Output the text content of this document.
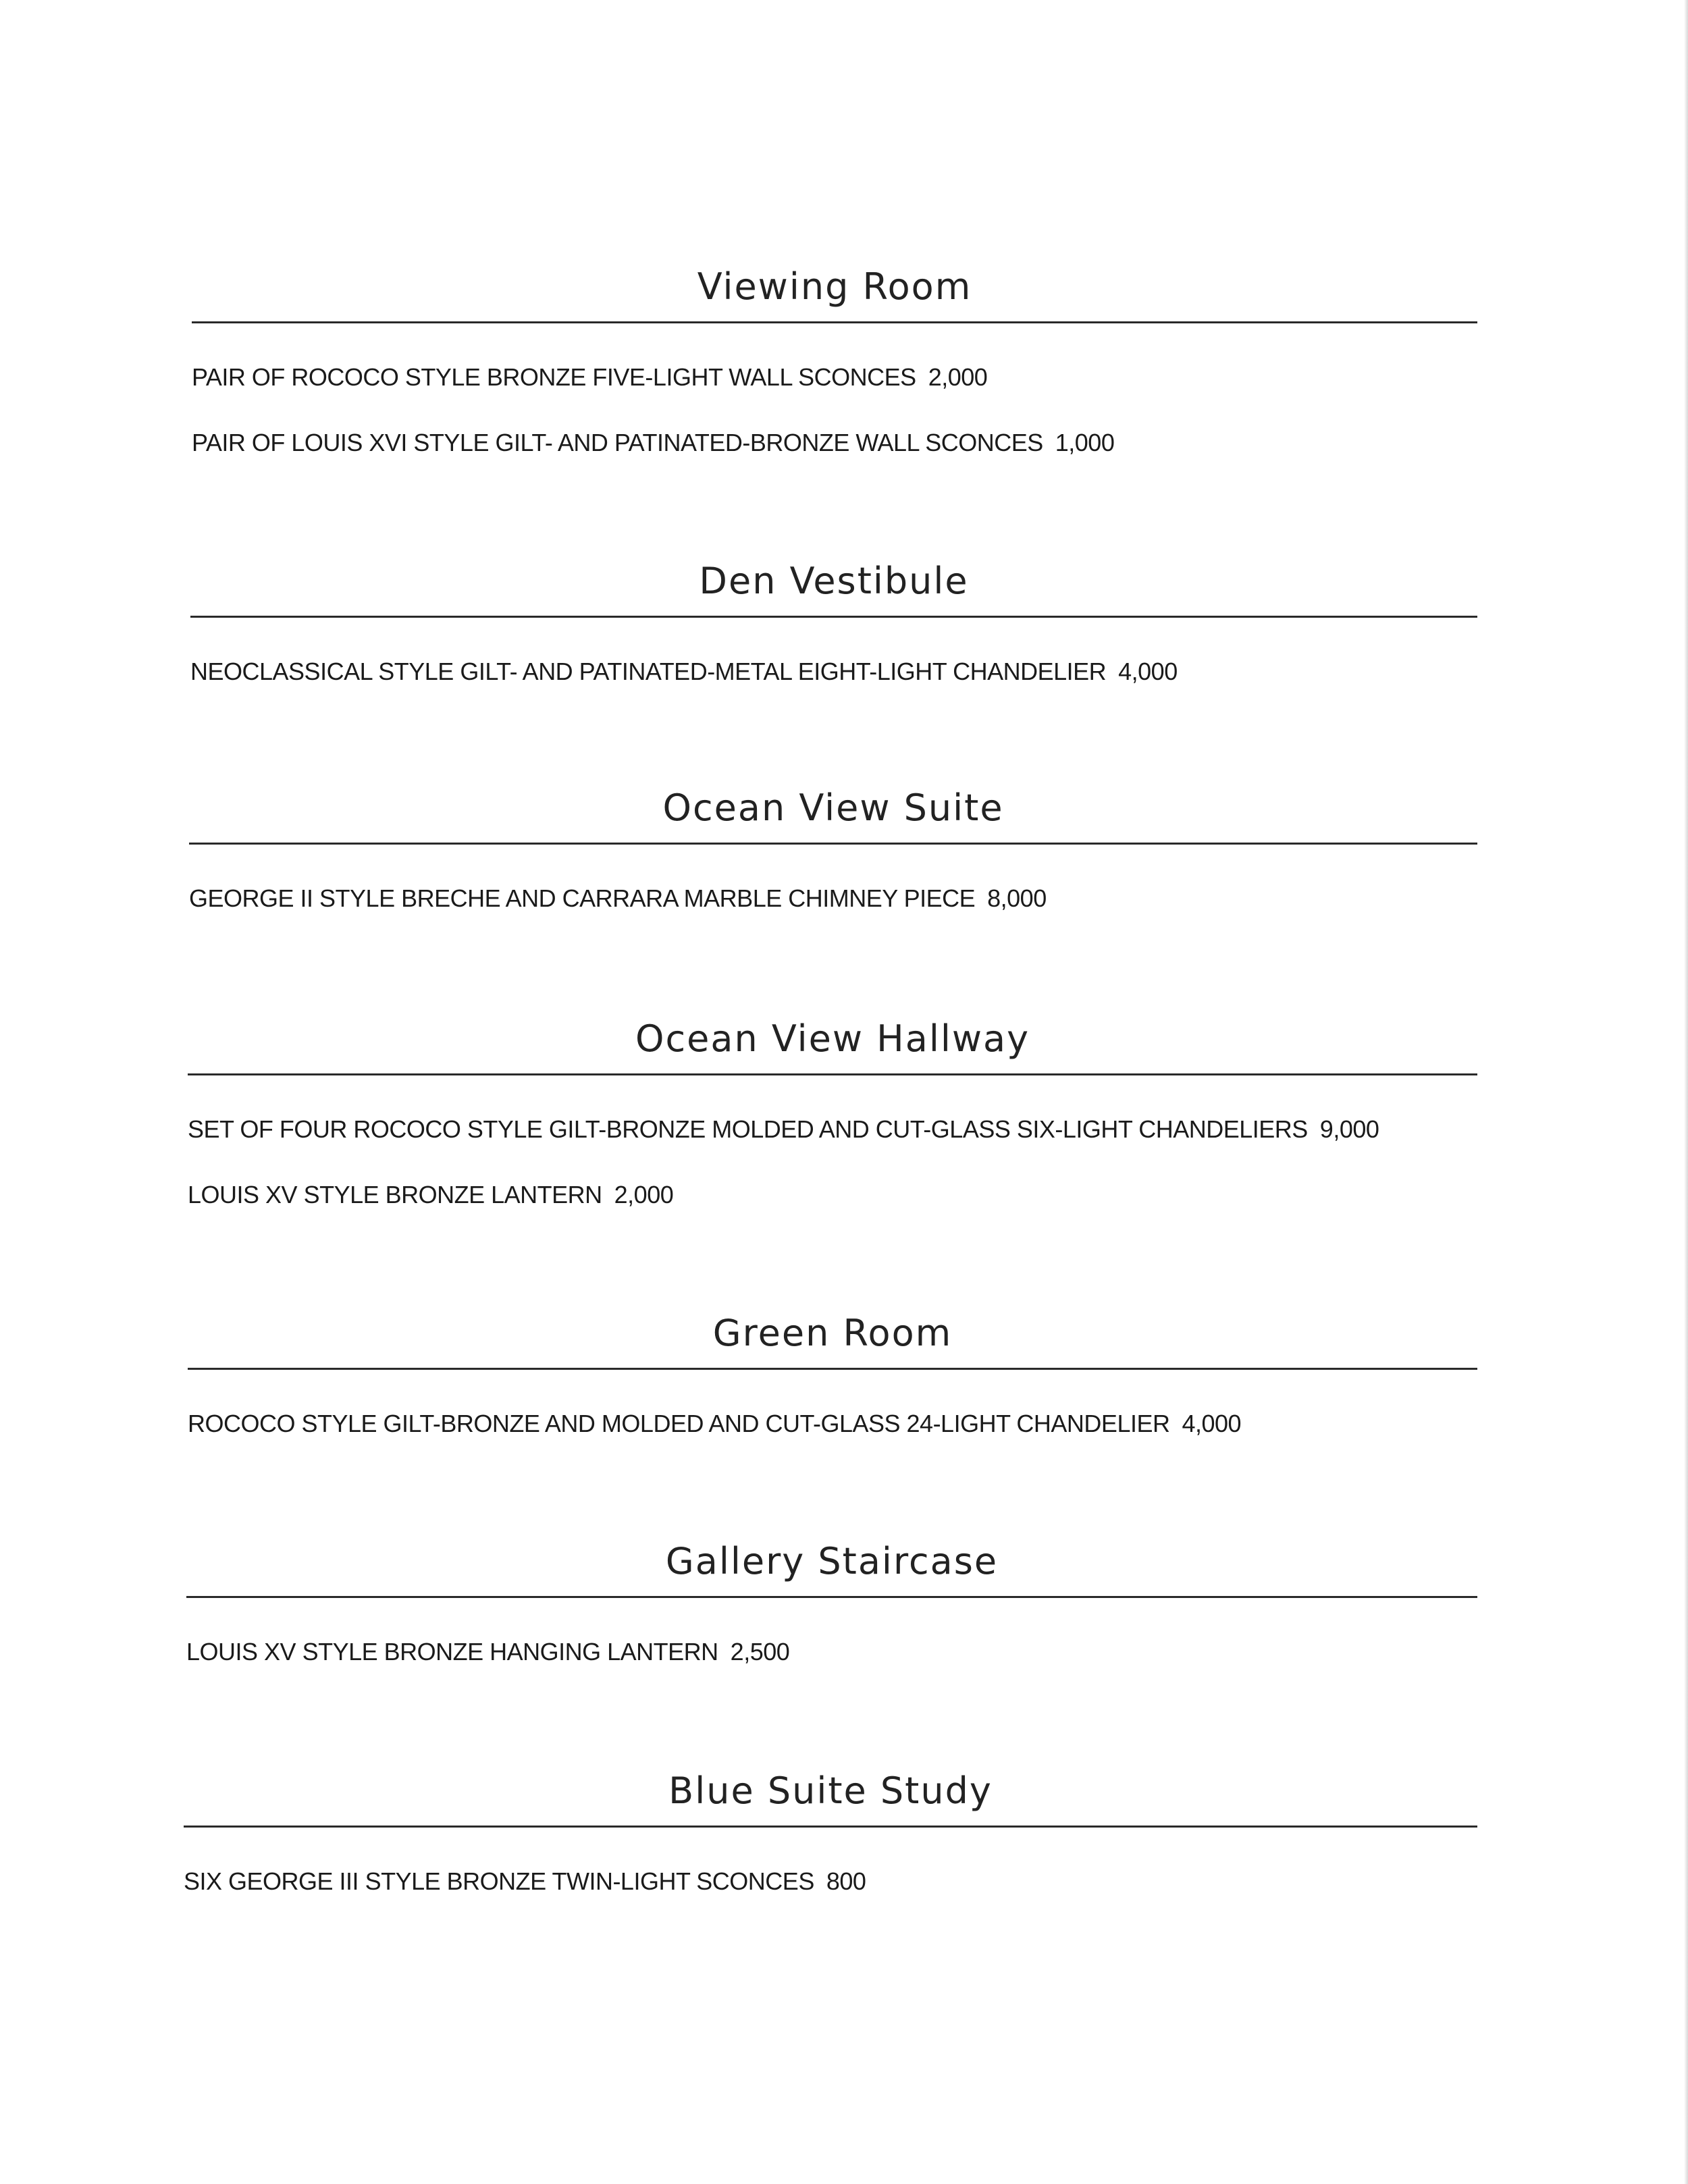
Viewing Room
PAIR OF ROCOCO STYLE BRONZE FIVE-LIGHT WALL SCONCES 2,000
PAIR OF LOUIS XVI STYLE GILT- AND PATINATED-BRONZE WALL SCONCES 1,000
Den Vestibule
NEOCLASSICAL STYLE GILT- AND PATINATED-METAL EIGHT-LIGHT CHANDELIER 4,000
Ocean View Suite
GEORGE II STYLE BRECHE AND CARRARA MARBLE CHIMNEY PIECE 8,000
Ocean View Hallway
SET OF FOUR ROCOCO STYLE GILT-BRONZE MOLDED AND CUT-GLASS SIX-LIGHT CHANDELIERS 9,000
LOUIS XV STYLE BRONZE LANTERN 2,000
Green Room
ROCOCO STYLE GILT-BRONZE AND MOLDED AND CUT-GLASS 24-LIGHT CHANDELIER 4,000
Gallery Staircase
LOUIS XV STYLE BRONZE HANGING LANTERN 2,500
Blue Suite Study
SIX GEORGE III STYLE BRONZE TWIN-LIGHT SCONCES 800
